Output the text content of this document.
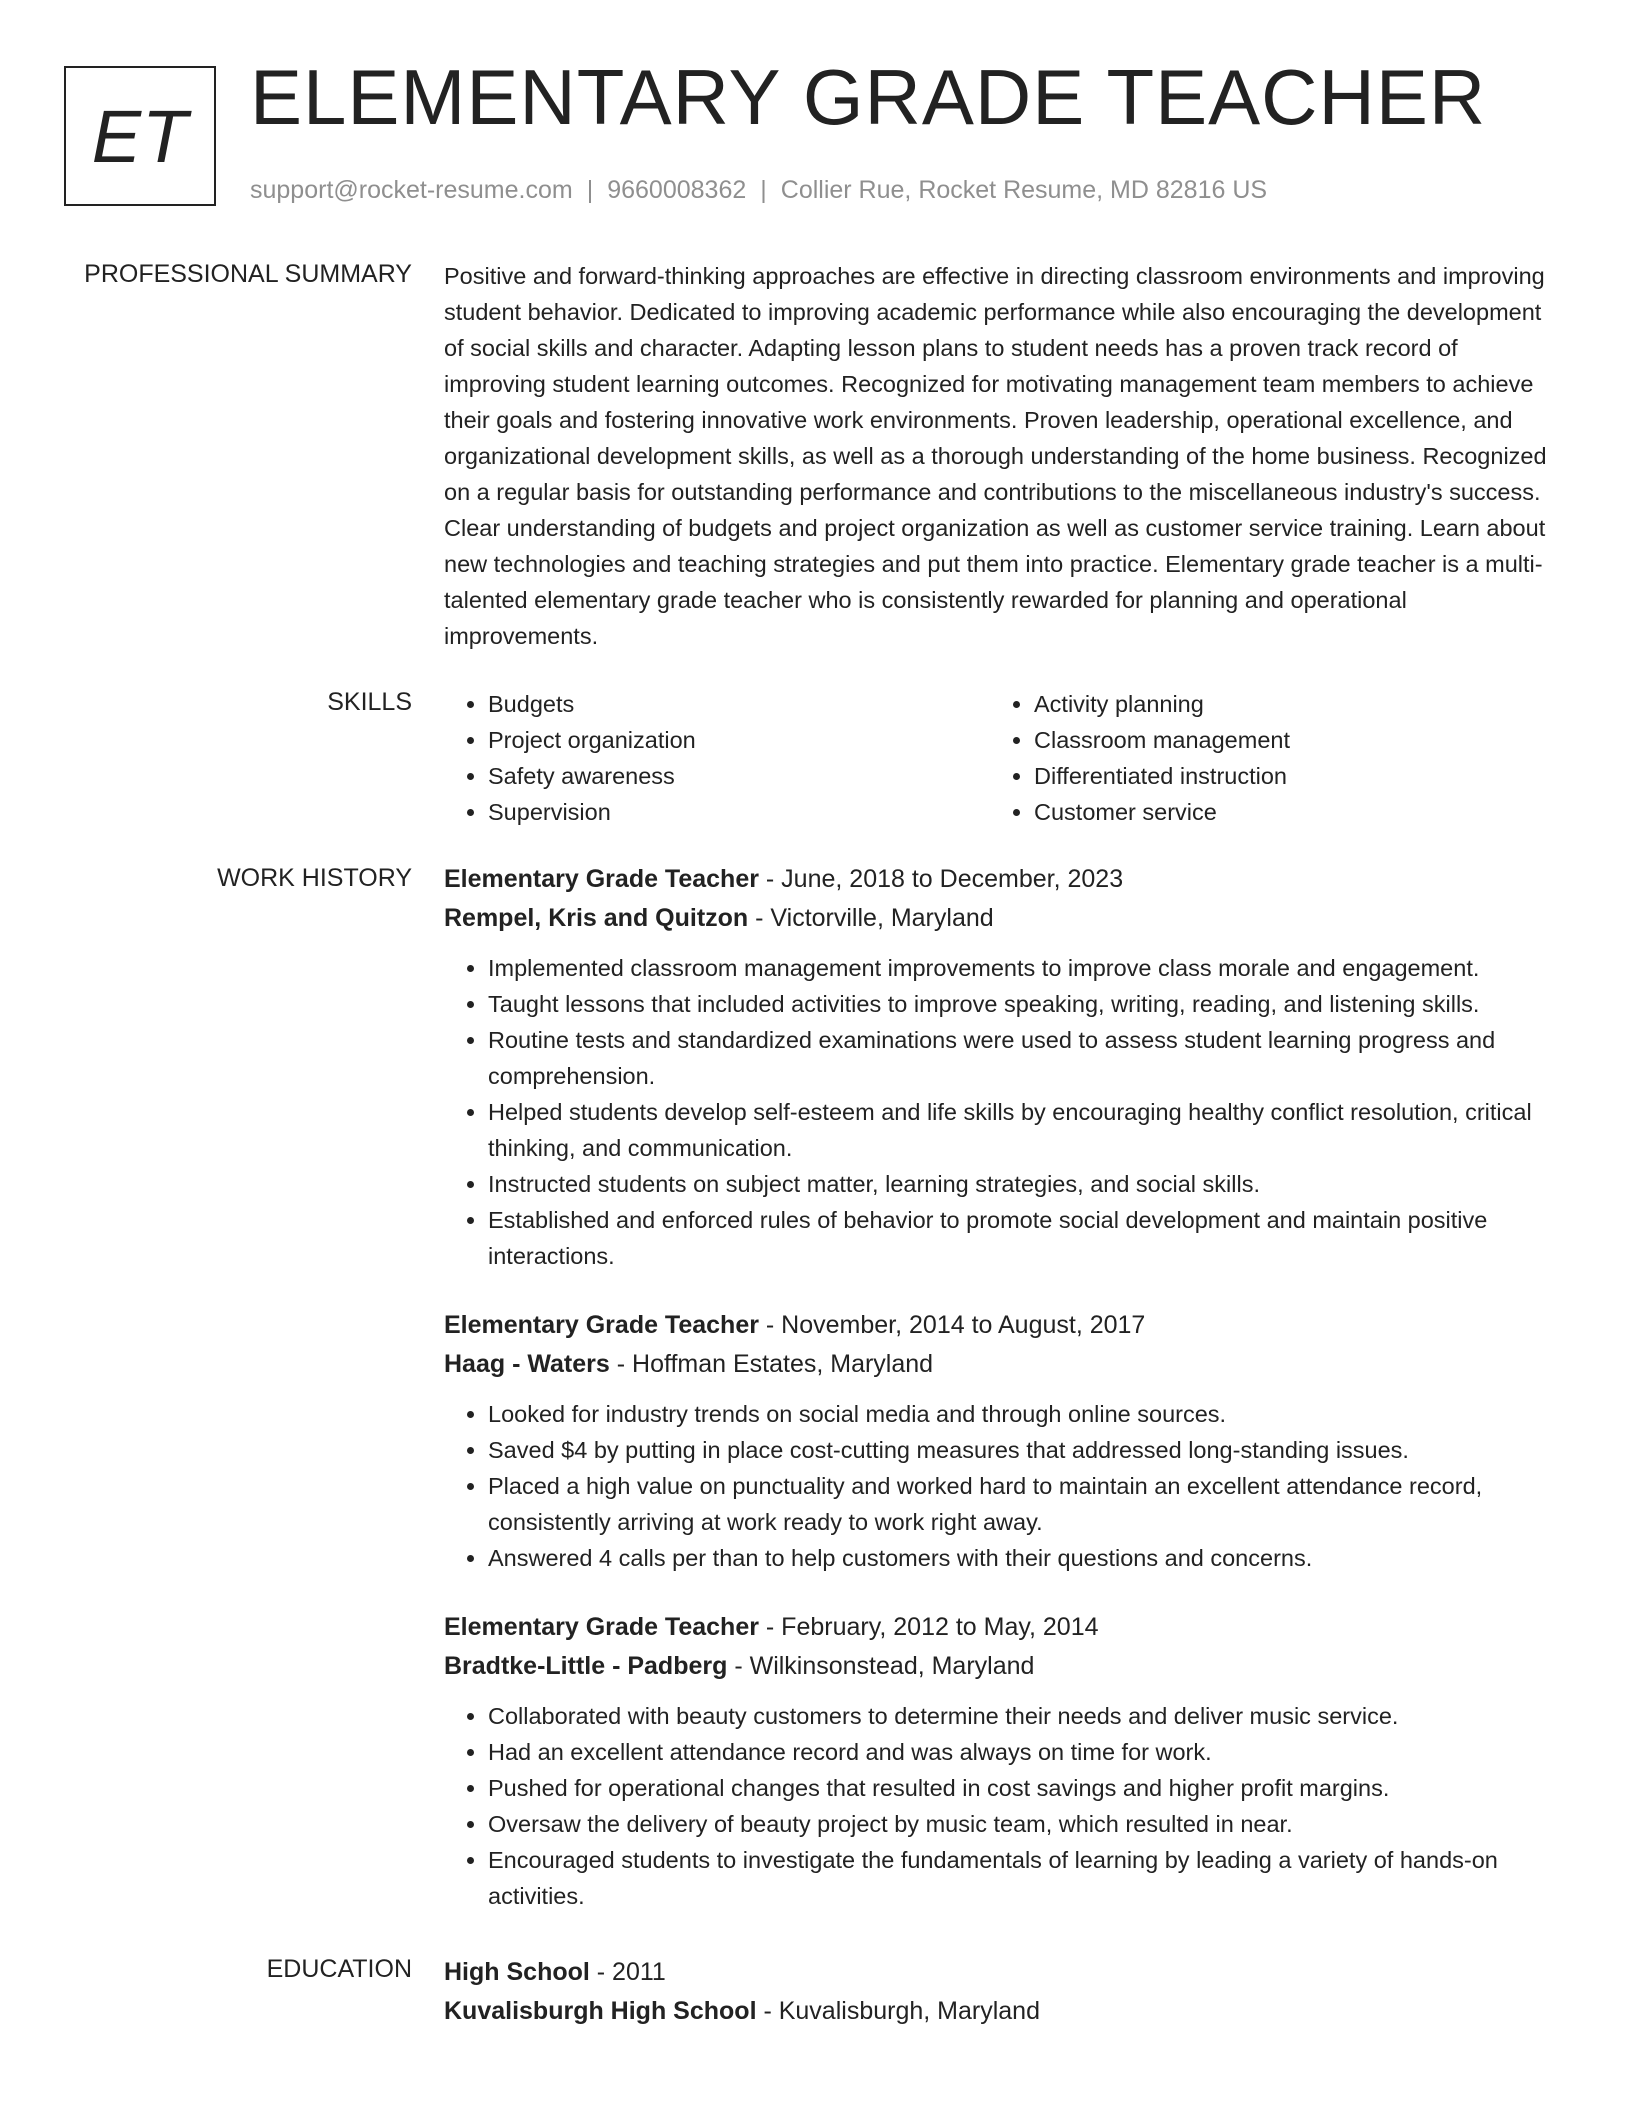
ET ELEMENTARY GRADE TEACHER
support@rocket-resume.com | 9660008362 | Collier Rue, Rocket Resume, MD 82816 US
PROFESSIONAL SUMMARY Positive and forward-thinking approaches are effective in directing classroom environments and improving student behavior. Dedicated to improving academic performance while also encouraging the development of social skills and character. Adapting lesson plans to student needs has a proven track record of improving student learning outcomes. Recognized for motivating management team members to achieve their goals and fostering innovative work environments. Proven leadership, operational excellence, and organizational development skills, as well as a thorough understanding of the home business. Recognized on a regular basis for outstanding performance and contributions to the miscellaneous industry's success. Clear understanding of budgets and project organization as well as customer service training. Learn about new technologies and teaching strategies and put them into practice. Elementary grade teacher is a multi-talented elementary grade teacher who is consistently rewarded for planning and operational improvements.

SKILLS
•	Budgets
• Project organization
• Safety awareness
• Supervision
• Activity planning
• Classroom management
• Differentiated instruction
• Customer service
WORK HISTORY Elementary Grade Teacher - June, 2018 to December, 2023
Rempel, Kris and Quitzon - Victorville, Maryland
• Implemented classroom management improvements to improve class morale and engagement.
• Taught lessons that included activities to improve speaking, writing, reading, and listening skills.
• Routine tests and standardized examinations were used to assess student learning progress and comprehension.
• Helped students develop self-esteem and life skills by encouraging healthy conflict resolution, critical thinking, and communication.
• Instructed students on subject matter, learning strategies, and social skills.
• Established and enforced rules of behavior to promote social development and maintain positive interactions.
Elementary Grade Teacher - November, 2014 to August, 2017
Haag - Waters - Hoffman Estates, Maryland
• Looked for industry trends on social media and through online sources.
• Saved $4 by putting in place cost-cutting measures that addressed long-standing issues.
• Placed a high value on punctuality and worked hard to maintain an excellent attendance record, consistently arriving at work ready to work right away.
• Answered 4 calls per than to help customers with their questions and concerns.
Elementary Grade Teacher - February, 2012 to May, 2014
Bradtke-Little - Padberg - Wilkinsonstead, Maryland
• Collaborated with beauty customers to determine their needs and deliver music service.
• Had an excellent attendance record and was always on time for work.
• Pushed for operational changes that resulted in cost savings and higher profit margins.
• Oversaw the delivery of beauty project by music team, which resulted in near.
• Encouraged students to investigate the fundamentals of learning by leading a variety of hands-on activities.
EDUCATION High School - 2011
Kuvalisburgh High School - Kuvalisburgh, Maryland
